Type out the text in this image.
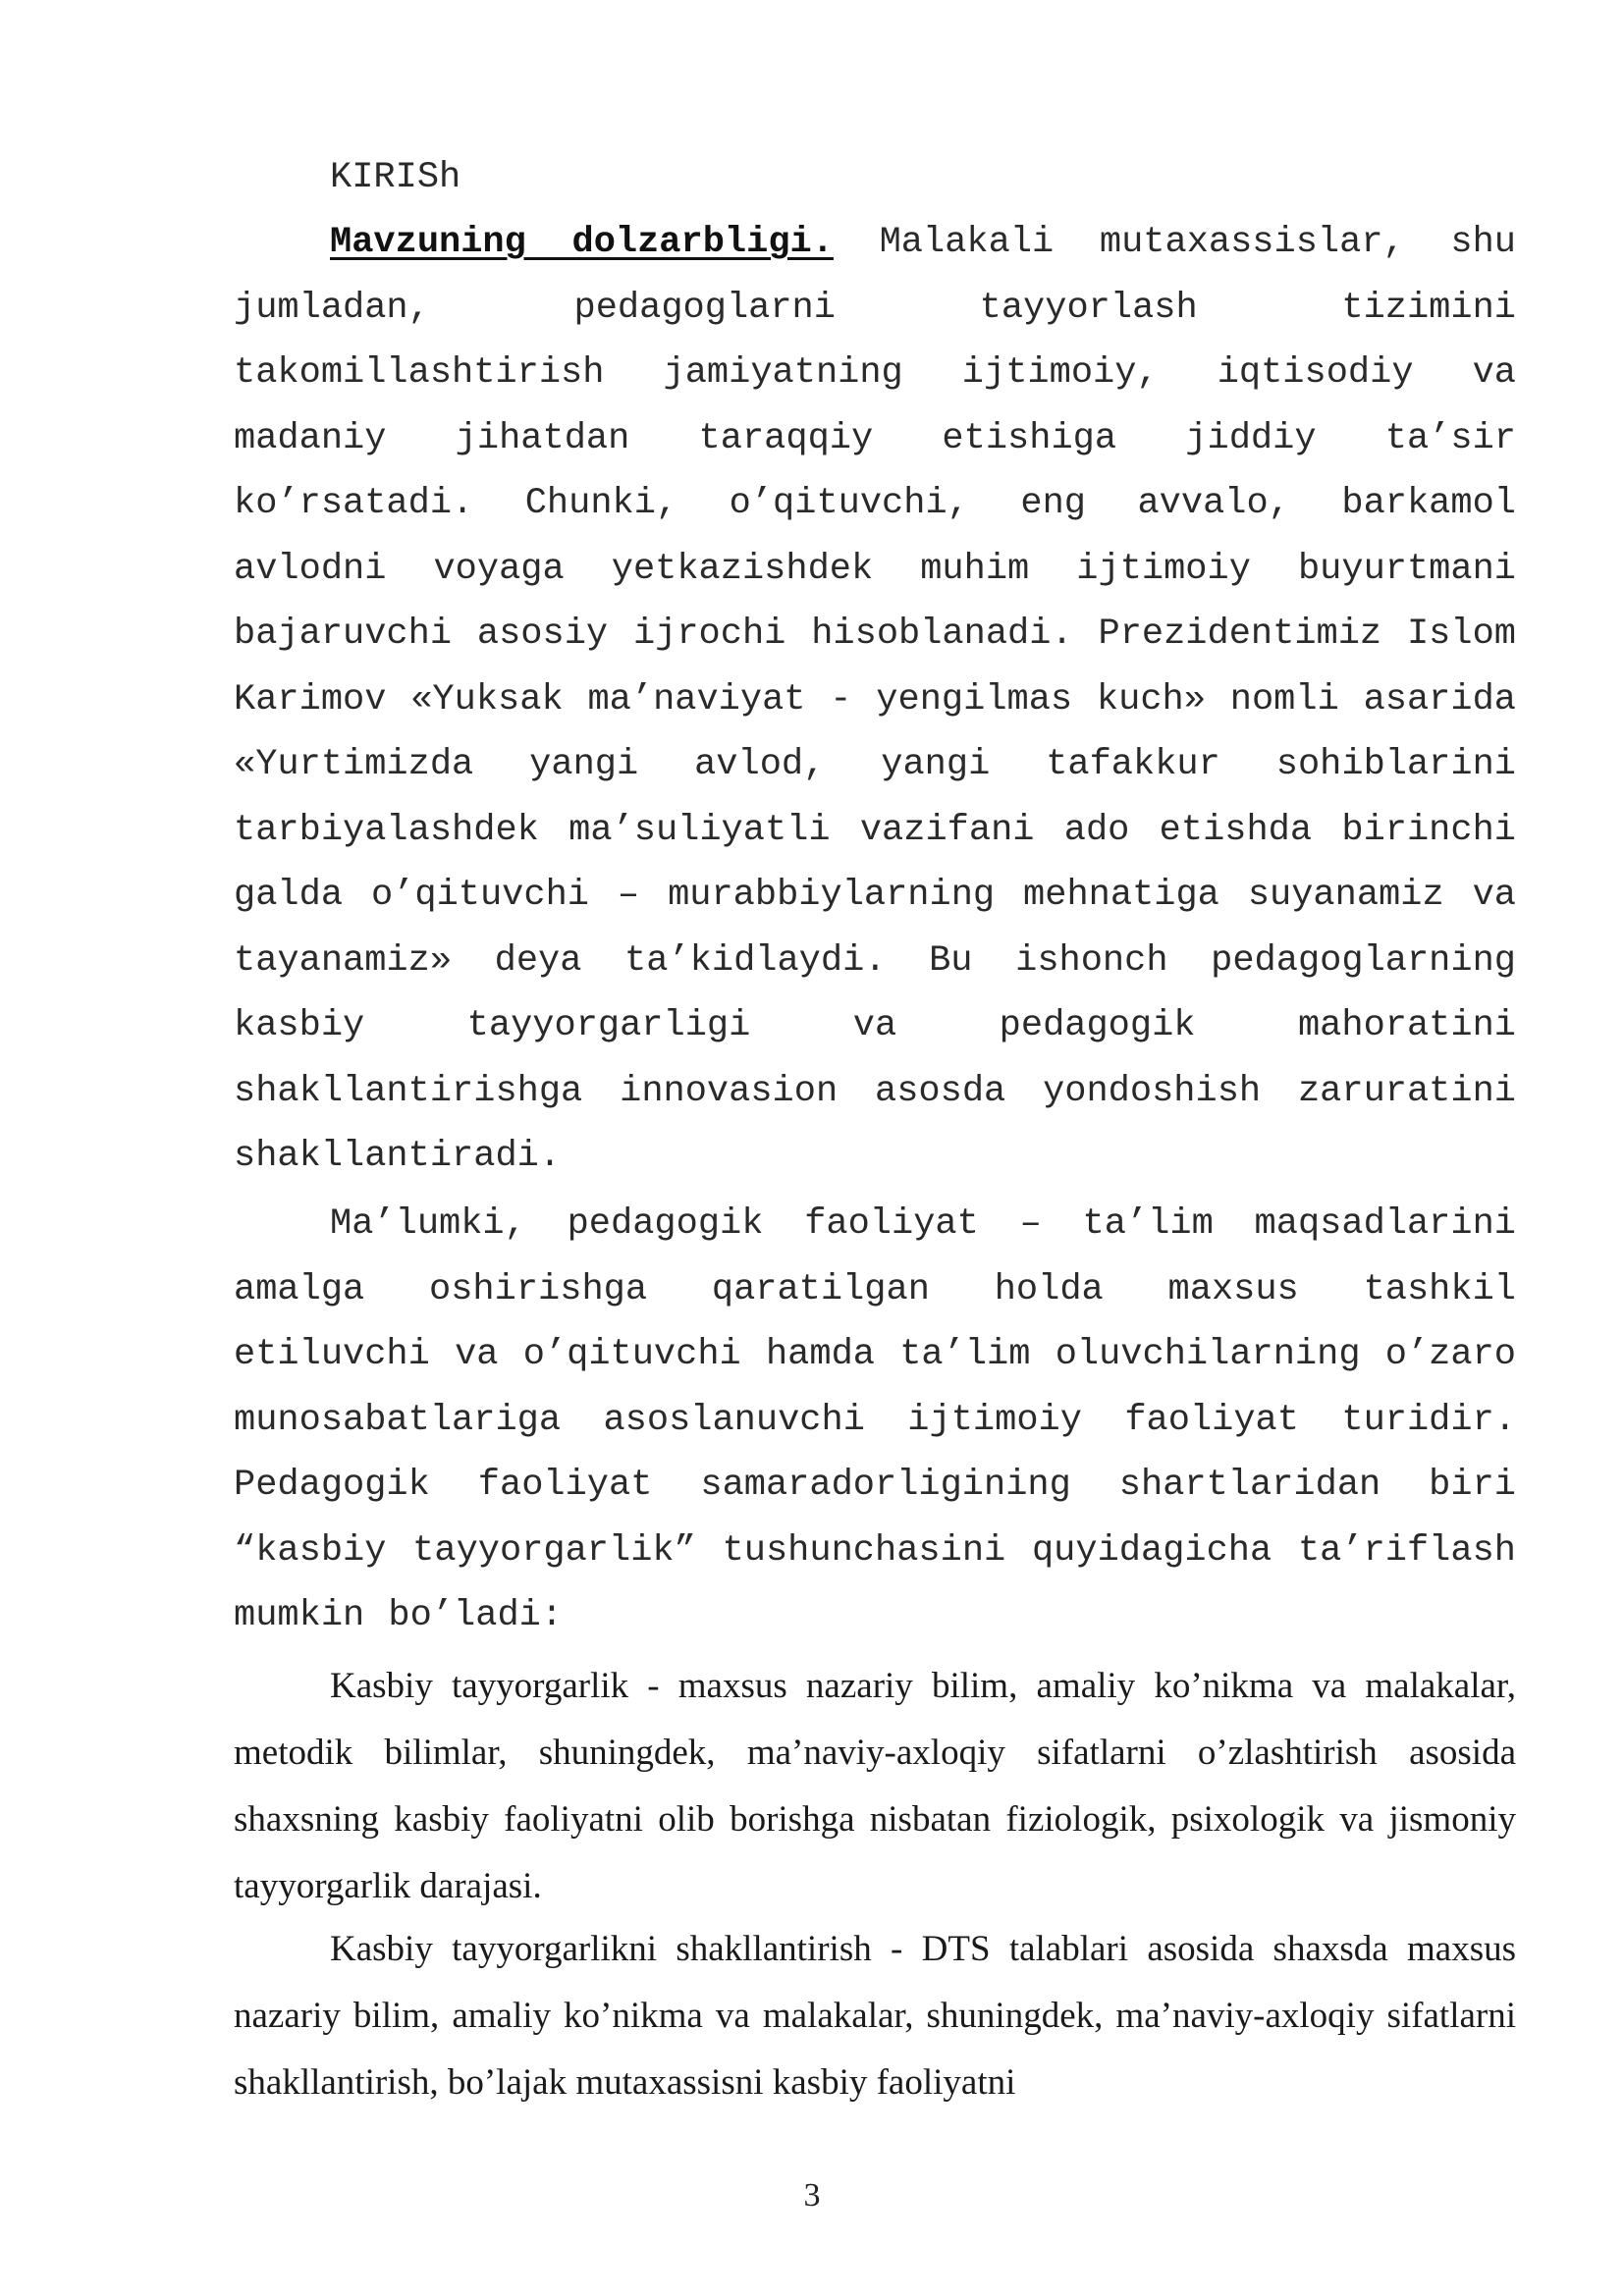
KIRISh
Mavzuning dolzarbligi. Malakali mutaxassislar, shu jumladan, pedagoglarni tayyorlash tizimini takomillashtirish jamiyatning ijtimoiy, iqtisodiy va madaniy jihatdan taraqqiy etishiga jiddiy ta’sir ko’rsatadi. Chunki, o’qituvchi, eng avvalo, barkamol avlodni voyaga yetkazishdek muhim ijtimoiy buyurtmani bajaruvchi asosiy ijrochi hisoblanadi. Prezidentimiz Islom Karimov «Yuksak ma’naviyat - yengilmas kuch» nomli asarida «Yurtimizda yangi avlod, yangi tafakkur sohiblarini tarbiyalashdek ma’suliyatli vazifani ado etishda birinchi galda o’qituvchi – murabbiylarning mehnatiga suyanamiz va tayanamiz» deya ta’kidlaydi. Bu ishonch pedagoglarning kasbiy tayyorgarligi va pedagogik mahoratini shakllantirishga innovasion asosda yondoshish zaruratini shakllantiradi.
Ma’lumki, pedagogik faoliyat – ta’lim maqsadlarini amalga oshirishga qaratilgan holda maxsus tashkil etiluvchi va o’qituvchi hamda ta’lim oluvchilarning o’zaro munosabatlariga asoslanuvchi ijtimoiy faoliyat turidir. Pedagogik faoliyat samaradorligining shartlaridan biri “kasbiy tayyorgarlik” tushunchasini quyidagicha ta’riflash mumkin bo’ladi:
Kasbiy tayyorgarlik - maxsus nazariy bilim, amaliy ko’nikma va malakalar, metodik bilimlar, shuningdek, ma’naviy-axloqiy sifatlarni o’zlashtirish asosida shaxsning kasbiy faoliyatni olib borishga nisbatan fiziologik, psixologik va jismoniy tayyorgarlik darajasi.
Kasbiy tayyorgarlikni shakllantirish - DTS talablari asosida shaxsda maxsus nazariy bilim, amaliy ko’nikma va malakalar, shuningdek, ma’naviy-axloqiy sifatlarni shakllantirish, bo’lajak mutaxassisni kasbiy faoliyatni
3
